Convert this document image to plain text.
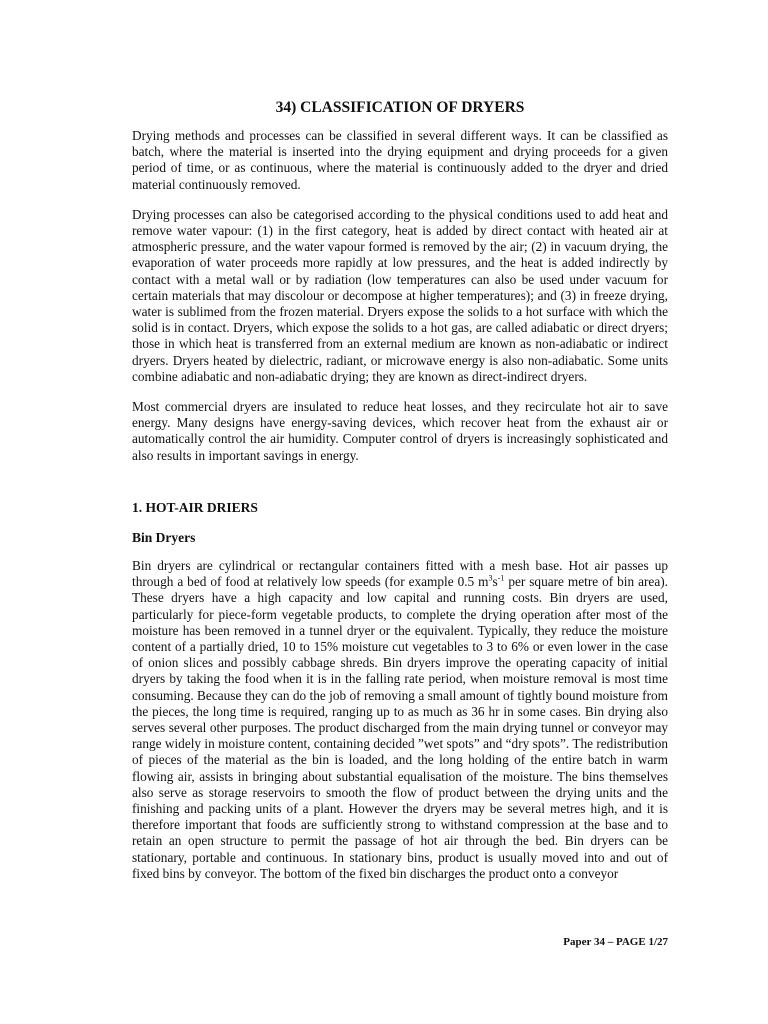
34) CLASSIFICATION OF DRYERS

Drying methods and processes can be classified in several different ways. It can be classified as batch, where the material is inserted into the drying equipment and drying proceeds for a given period of time, or as continuous, where the material is continuously added to the dryer and dried material continuously removed.

Drying processes can also be categorised according to the physical conditions used to add heat and remove water vapour: (1) in the first category, heat is added by direct contact with heated air at atmospheric pressure, and the water vapour formed is removed by the air; (2) in vacuum drying, the evaporation of water proceeds more rapidly at low pressures, and the heat is added indirectly by contact with a metal wall or by radiation (low temperatures can also be used under vacuum for certain materials that may discolour or decompose at higher temperatures); and (3) in freeze drying, water is sublimed from the frozen material. Dryers expose the solids to a hot surface with which the solid is in contact. Dryers, which expose the solids to a hot gas, are called adiabatic or direct dryers; those in which heat is transferred from an external medium are known as non-adiabatic or indirect dryers. Dryers heated by dielectric, radiant, or microwave energy is also non-adiabatic. Some units combine adiabatic and non-adiabatic drying; they are known as direct-indirect dryers.

Most commercial dryers are insulated to reduce heat losses, and they recirculate hot air to save energy. Many designs have energy-saving devices, which recover heat from the exhaust air or automatically control the air humidity. Computer control of dryers is increasingly sophisticated and also results in important savings in energy.

1. HOT-AIR DRIERS
Bin Dryers

Bin dryers are cylindrical or rectangular containers fitted with a mesh base. Hot air passes up through a bed of food at relatively low speeds (for example 0.5 $m^3s^{-1}$ per square metre of bin area). These dryers have a high capacity and low capital and running costs. Bin dryers are used, particularly for piece-form vegetable products, to complete the drying operation after most of the moisture has been removed in a tunnel dryer or the equivalent. Typically, they reduce the moisture content of a partially dried, 10 to 15% moisture cut vegetables to 3 to 6% or even lower in the case of onion slices and possibly cabbage shreds. Bin dryers improve the operating capacity of initial dryers by taking the food when it is in the falling rate period, when moisture removal is most time consuming. Because they can do the job of removing a small amount of tightly bound moisture from the pieces, the long time is required, ranging up to as much as 36 hr in some cases. Bin drying also serves several other purposes. The product discharged from the main drying tunnel or conveyor may range widely in moisture content, containing decided ”wet spots” and “dry spots”. The redistribution of pieces of the material as the bin is loaded, and the long holding of the entire batch in warm flowing air, assists in bringing about substantial equalisation of the moisture. The bins themselves also serve as storage reservoirs to smooth the flow of product between the drying units and the finishing and packing units of a plant. However the dryers may be several metres high, and it is therefore important that foods are sufficiently strong to withstand compression at the base and to retain an open structure to permit the passage of hot air through the bed. Bin dryers can be stationary, portable and continuous. In stationary bins, product is usually moved into and out of fixed bins by conveyor. The bottom of the fixed bin discharges the product onto a conveyor

Paper 34 – PAGE 1/27
